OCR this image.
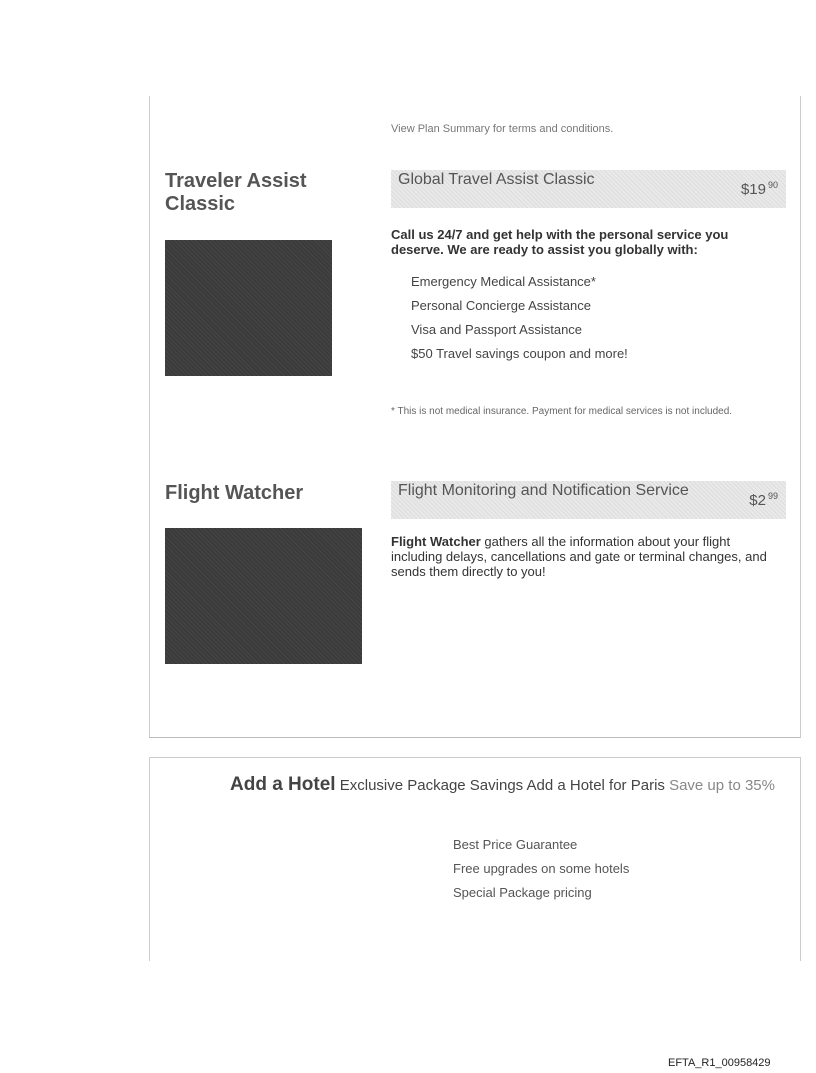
View Plan Summary for terms and conditions.
Traveler Assist Classic
Global Travel Assist Classic
$19 $^{90}$
Call us 24/7 and get help with the personal service you deserve. We are ready to assist you globally with:
Emergency Medical Assistance*
Personal Concierge Assistance
Visa and Passport Assistance
$50 Travel savings coupon and more!
* This is not medical insurance. Payment for medical services is not included.
Flight Watcher	Flight Monitoring and Notification Service
$2 $^{99}$
Flight Watcher gathers all the information about your flight including delays, cancellations and gate or terminal changes, and sends them directly to you!
Add a Hotel Exclusive Package Savings Add a Hotel for Paris Save up to 35%
Best Price Guarantee
Free upgrades on some hotels
Special Package pricing
EFTA_R1_00958429
